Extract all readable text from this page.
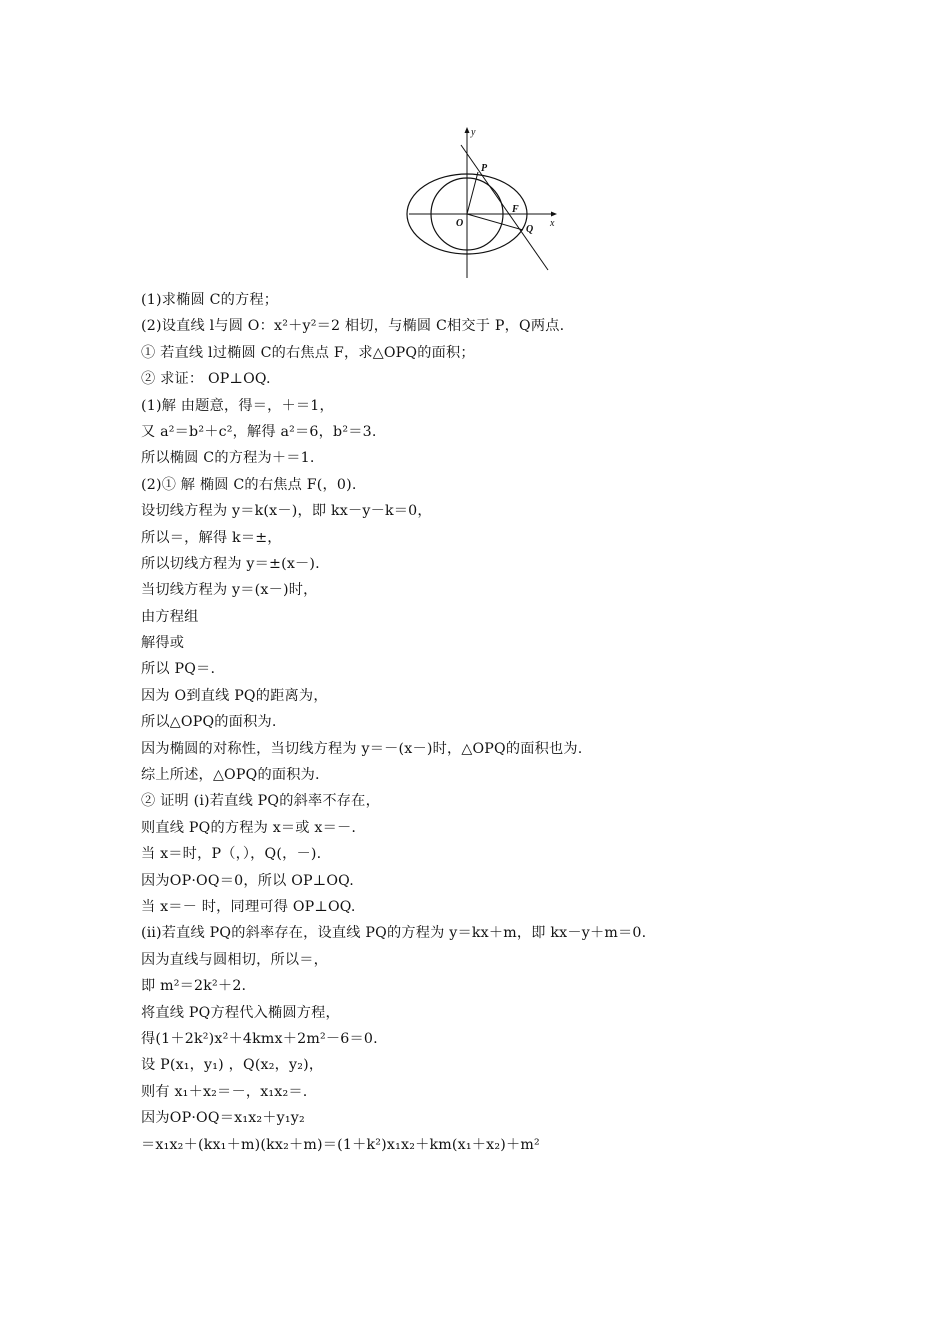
y
x
O
P
F
Q
(1)求椭圆 C的方程；
(2)设直线 l与圆 O：x²＋y²＝2 相切，与椭圆 C相交于 P，Q两点.
① 若直线 l过椭圆 C的右焦点 F，求△OPQ的面积；
② 求证： OP⊥OQ.
(1)解 由题意，得＝，＋＝1，
又 a²＝b²＋c²，解得 a²＝6，b²＝3.
所以椭圆 C的方程为＋＝1.
(2)① 解 椭圆 C的右焦点 F(，0).
设切线方程为 y＝k(x－)，即 kx－y－k＝0，
所以＝，解得 k＝±，
所以切线方程为 y＝±(x－).
当切线方程为 y＝(x－)时，
由方程组
解得或
所以 PQ＝.
因为 O到直线 PQ的距离为，
所以△OPQ的面积为.
因为椭圆的对称性，当切线方程为 y＝－(x－)时，△OPQ的面积也为.
综上所述，△OPQ的面积为.
② 证明 (ⅰ)若直线 PQ的斜率不存在，
则直线 PQ的方程为 x＝或 x＝－.
当 x＝时，P（，），Q(，－).
因为OP·OQ＝0，所以 OP⊥OQ.
当 x＝－ 时，同理可得 OP⊥OQ.
(ⅱ)若直线 PQ的斜率存在，设直线 PQ的方程为 y＝kx＋m，即 kx－y＋m＝0.
因为直线与圆相切，所以＝，
即 m²＝2k²＋2.
将直线 PQ方程代入椭圆方程，
得(1＋2k²)x²＋4kmx＋2m²－6＝0.
设 P(x₁，y₁) ，Q(x₂，y₂)，
则有 x₁＋x₂＝－，x₁x₂＝.
因为OP·OQ＝x₁x₂＋y₁y₂
＝x₁x₂＋(kx₁＋m)(kx₂＋m)＝(1＋k²)x₁x₂＋km(x₁＋x₂)＋m²
